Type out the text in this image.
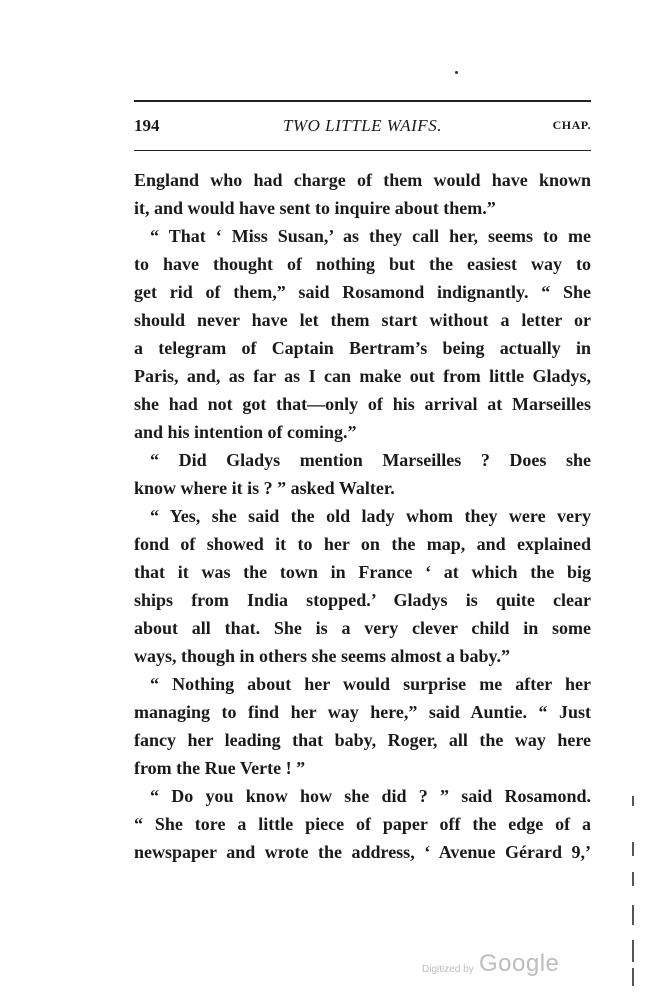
194	TWO LITTLE WAIFS.	CHAP.
England who had charge of them would have known
it, and would have sent to inquire about them.”
“ That ‘ Miss Susan,’ as they call her, seems to me
to have thought of nothing but the easiest way to
get rid of them,” said Rosamond indignantly. “ She
should never have let them start without a letter or
a telegram of Captain Bertram’s being actually in
Paris, and, as far as I can make out from little Gladys,
she had not got that—only of his arrival at Marseilles
and his intention of coming.”
“ Did Gladys mention Marseilles ? Does she
know where it is ? ” asked Walter.
“ Yes, she said the old lady whom they were very
fond of showed it to her on the map, and explained
that it was the town in France ‘ at which the big
ships from India stopped.’ Gladys is quite clear
about all that. She is a very clever child in some
ways, though in others she seems almost a baby.”
“ Nothing about her would surprise me after her
managing to find her way here,” said Auntie. “ Just
fancy her leading that baby, Roger, all the way here
from the Rue Verte ! ”
“ Do you know how she did ? ” said Rosamond.
“ She tore a little piece of paper off the edge of a
newspaper and wrote the address, ‘ Avenue Gérard 9,’
Digitized by Google
